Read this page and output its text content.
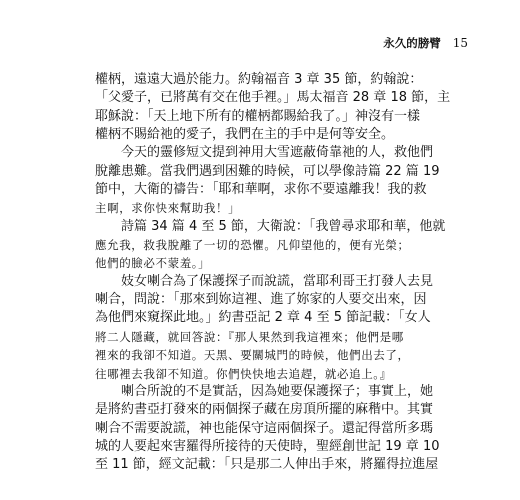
永久的膀臂 15
權柄，遠遠大過於能力。約翰福音 3 章 35 節，約翰說：
「父愛子，已將萬有交在他手裡。」馬太福音 28 章 18 節，主
耶穌說：「天上地下所有的權柄都賜給我了。」神沒有一樣
權柄不賜給祂的愛子，我們在主的手中是何等安全。
　　今天的靈修短文提到神用大雪遮蔽倚靠祂的人，救他們
脫離患難。當我們遇到困難的時候，可以學像詩篇 22 篇 19
節中，大衛的禱告：「耶和華啊，求你不要遠離我！我的救
主啊，求你快來幫助我！」
　　詩篇 34 篇 4 至 5 節，大衛說：「我曾尋求耶和華，他就
應允我，救我脫離了一切的恐懼。凡仰望他的，便有光榮；
他們的臉必不蒙羞。」
　　妓女喇合為了保護探子而說謊，當耶利哥王打發人去見
喇合，問說：「那來到妳這裡、進了妳家的人要交出來，因
為他們來窺探此地。」約書亞記 2 章 4 至 5 節記載：「女人
將二人隱藏，就回答說：『那人果然到我這裡來；他們是哪
裡來的我卻不知道。天黑、要關城門的時候，他們出去了，
往哪裡去我卻不知道。你們快快地去追趕，就必追上。』
　　喇合所說的不是實話，因為她要保護探子；事實上，她
是將約書亞打發來的兩個探子藏在房頂所擺的麻稭中。其實
喇合不需要說謊，神也能保守這兩個探子。還記得當所多瑪
城的人要起來害羅得所接待的天使時，聖經創世記 19 章 10
至 11 節，經文記載：「只是那二人伸出手來，將羅得拉進屋
